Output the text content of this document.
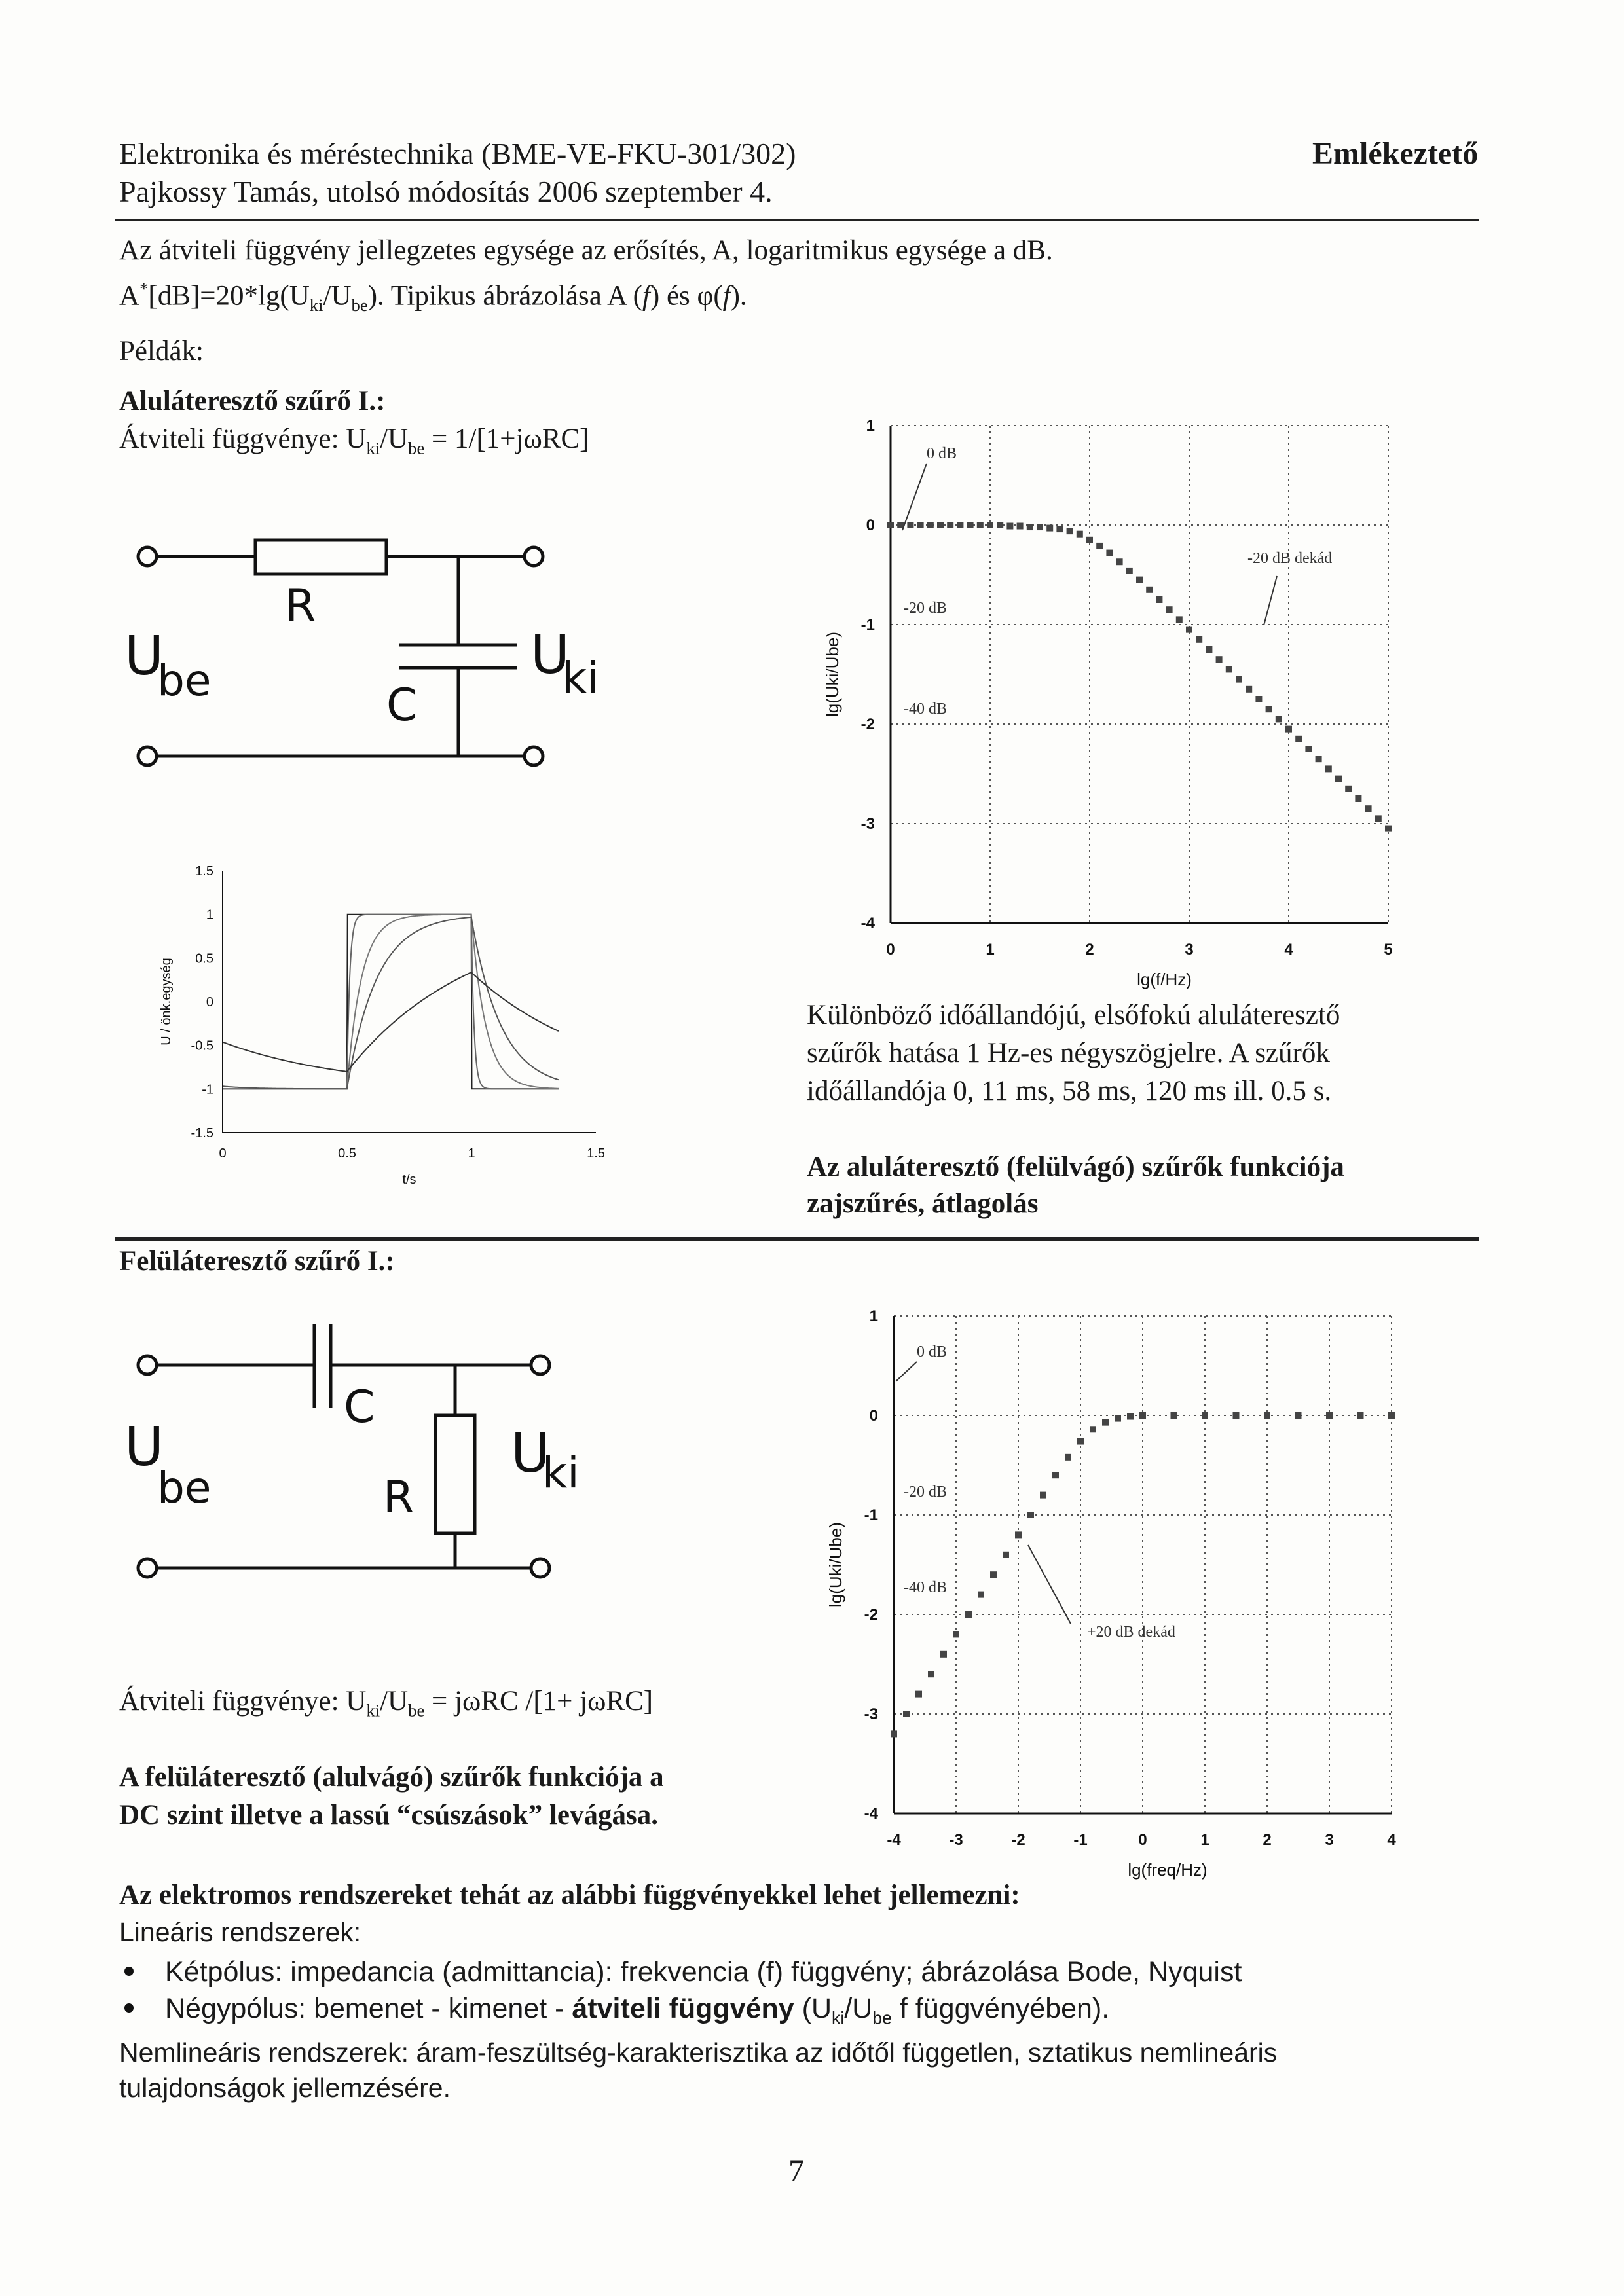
Elektronika és méréstechnika (BME-VE-FKU-301/302)
Pajkossy Tamás, utolsó módosítás 2006 szeptember 4.
Emlékeztető
Az átviteli függvény jellegzetes egysége az erősítés, A, logaritmikus egysége a dB.
$A^*[dB]=20*\lg(U_{ki}/U_{be})$. Tipikus ábrázolása A (f) és φ(f).
Példák:
Aluláteresztő szűrő I.:
Átviteli függvénye: $U_{ki}/U_{be} = 1/[1+j\omega RC]$
R
C
U
be	U
ki
0	1	2	3	4	5
1
0
-1
-2
-3
-4
lg(f/Hz)
lg(Uki/Ube)
0 dB
-20 dB dekád
-20 dB
-40 dB
0	0.5	1	1.5
1.5
1
0.5
0
-0.5
-1
-1.5
t/s
U / önk.egység	Különböző időállandójú, elsőfokú aluláteresztő
szűrők hatása 1 Hz-es négyszögjelre. A szűrők
időállandója 0, 11 ms, 58 ms, 120 ms ill. 0.5 s.
Az aluláteresztő (felülvágó) szűrők funkciója
zajszűrés, átlagolás
Felüláteresztő szűrő I.:
C
R
U
be
U
ki
Átviteli függvénye: $U_{ki}/U_{be} = j\omega RC$ /[1+ jωRC]
A felüláteresztő (alulvágó) szűrők funkciója a
DC szint illetve a lassú “csúszások” levágása.
-4	-3	-2	-1	0	1	2	3	4
1
0
-1
-2
-3
-4
lg(freq/Hz)
lg(Uki/Ube)
0 dB
-20 dB
-40 dB
+20 dB dekád
Az elektromos rendszereket tehát az alábbi függvényekkel lehet jellemezni:
Lineáris rendszerek:
Kétpólus: impedancia (admittancia): frekvencia (f) függvény; ábrázolása Bode, Nyquist
Négypólus: bemenet - kimenet - átviteli függvény ($U_{ki}/U_{be}$ f függvényében).
Nemlineáris rendszerek: áram-feszültség-karakterisztika az időtől független, sztatikus nemlineáris
tulajdonságok jellemzésére.
7
